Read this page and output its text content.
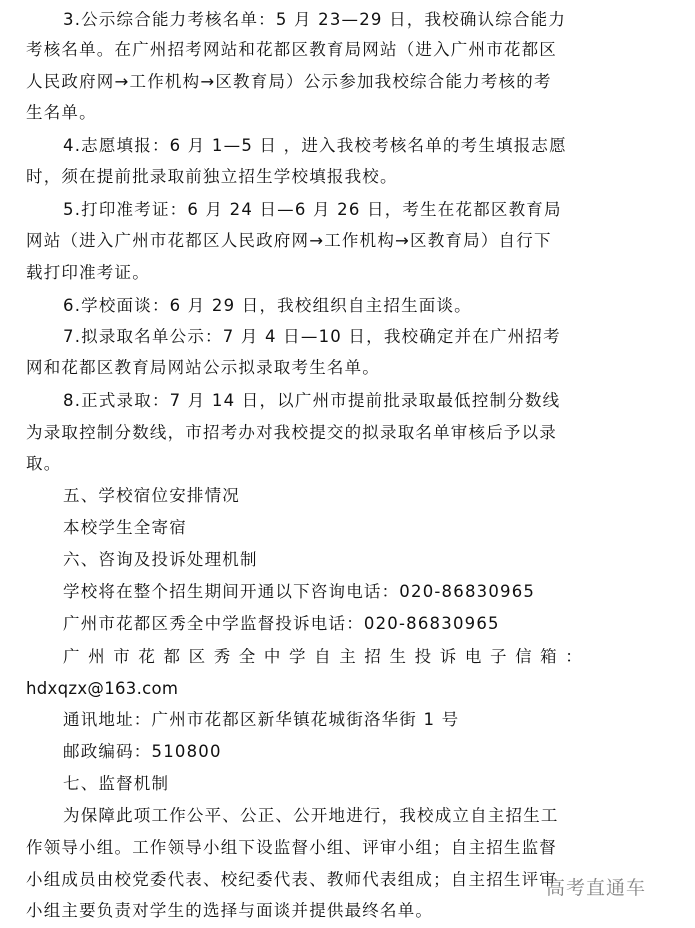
3.公示综合能力考核名单：5 月 23—29 日，我校确认综合能力

考核名单。在广州招考网站和花都区教育局网站（进入广州市花都区

人民政府网→工作机构→区教育局）公示参加我校综合能力考核的考

生名单。

4.志愿填报：6 月 1—5 日 ，进入我校考核名单的考生填报志愿

时，须在提前批录取前独立招生学校填报我校。

5.打印准考证：6 月 24 日—6 月 26 日，考生在花都区教育局

网站（进入广州市花都区人民政府网→工作机构→区教育局）自行下

载打印准考证。

6.学校面谈：6 月 29 日，我校组织自主招生面谈。

7.拟录取名单公示：7 月 4 日—10 日，我校确定并在广州招考

网和花都区教育局网站公示拟录取考生名单。

8.正式录取：7 月 14 日，以广州市提前批录取最低控制分数线

为录取控制分数线，市招考办对我校提交的拟录取名单审核后予以录

取。

五、学校宿位安排情况

本校学生全寄宿

六、咨询及投诉处理机制

学校将在整个招生期间开通以下咨询电话：020-86830965

广州市花都区秀全中学监督投诉电话：020-86830965

广州市花都区秀全中学自主招生投诉电子信箱：

hdxqzx@163.com

通讯地址：广州市花都区新华镇花城街洛华街 1 号

邮政编码：510800

七、监督机制

为保障此项工作公平、公正、公开地进行，我校成立自主招生工

作领导小组。工作领导小组下设监督小组、评审小组；自主招生监督

小组成员由校党委代表、校纪委代表、教师代表组成；自主招生评审

小组主要负责对学生的选择与面谈并提供最终名单。

高考直通车
